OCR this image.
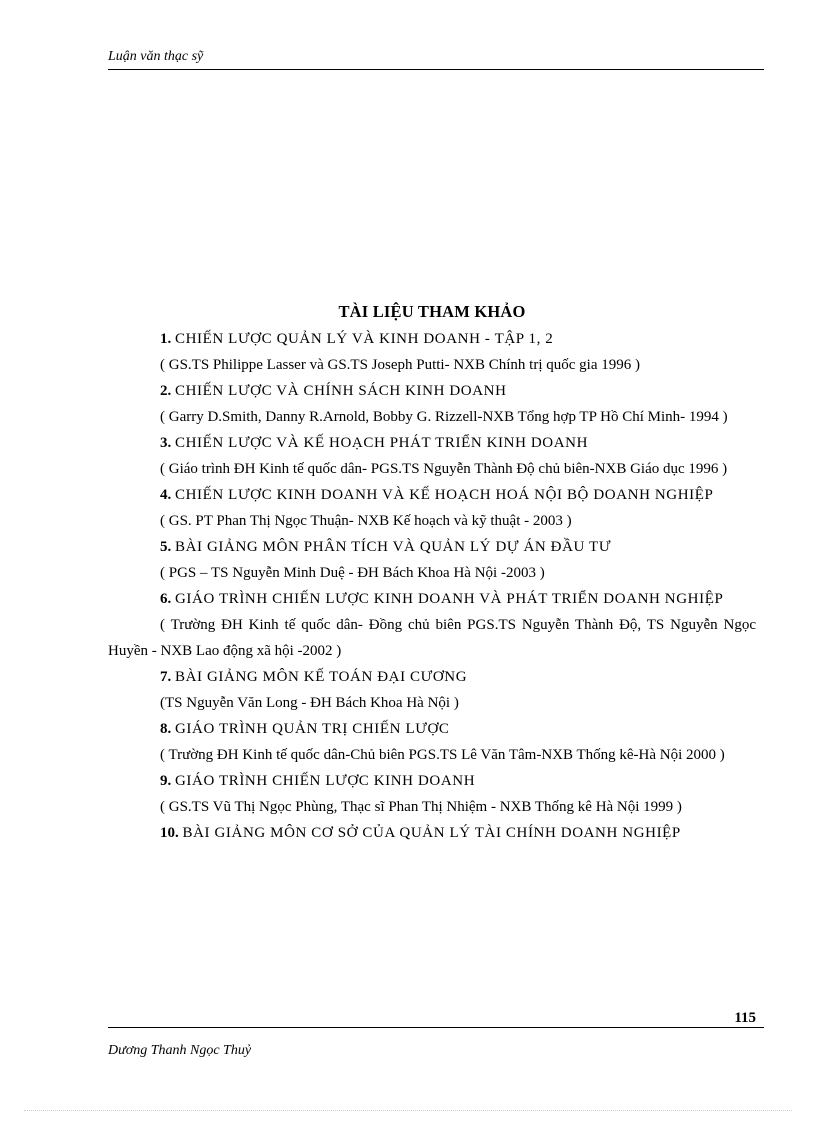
Luận văn thạc sỹ
TÀI LIỆU THAM KHẢO
1. CHIẾN LƯỢC QUẢN LÝ VÀ KINH DOANH - TẬP 1, 2
( GS.TS Philippe Lasser và GS.TS Joseph Putti- NXB Chính trị quốc gia 1996 )
2. CHIẾN LƯỢC VÀ CHÍNH SÁCH KINH DOANH
( Garry D.Smith, Danny R.Arnold, Bobby G. Rizzell-NXB Tổng hợp TP Hồ Chí Minh- 1994 )
3. CHIẾN LƯỢC VÀ KẾ HOẠCH PHÁT TRIỂN KINH DOANH
( Giáo trình ĐH Kinh tế quốc dân- PGS.TS Nguyễn Thành Độ chủ biên-NXB Giáo dục 1996 )
4. CHIẾN LƯỢC KINH DOANH VÀ KẾ HOẠCH HOÁ NỘI BỘ DOANH NGHIỆP
( GS. PT Phan Thị Ngọc Thuận- NXB Kế hoạch và kỹ thuật - 2003 )
5. BÀI GIẢNG MÔN PHÂN TÍCH VÀ QUẢN LÝ DỰ ÁN ĐẦU TƯ
( PGS – TS Nguyễn Minh Duệ - ĐH Bách Khoa Hà Nội -2003 )
6. GIÁO TRÌNH CHIẾN LƯỢC KINH DOANH VÀ PHÁT TRIỂN DOANH NGHIỆP
( Trường ĐH Kinh tế quốc dân- Đồng chủ biên PGS.TS Nguyễn Thành Độ, TS Nguyễn Ngọc Huyền - NXB Lao động xã hội -2002 )
7. BÀI GIẢNG MÔN KẾ TOÁN ĐẠI CƯƠNG
(TS Nguyễn Văn Long - ĐH Bách Khoa Hà Nội )
8. GIÁO TRÌNH QUẢN TRỊ CHIẾN LƯỢC
( Trường ĐH Kinh tế quốc dân-Chủ biên PGS.TS Lê Văn Tâm-NXB Thống kê-Hà Nội 2000 )
9. GIÁO TRÌNH CHIẾN LƯỢC KINH DOANH
( GS.TS Vũ Thị Ngọc Phùng, Thạc sĩ Phan Thị Nhiệm - NXB Thống kê Hà Nội 1999 )
10. BÀI GIẢNG MÔN CƠ SỞ CỦA QUẢN LÝ TÀI CHÍNH DOANH NGHIỆP
115
Dương Thanh Ngọc Thuỷ
